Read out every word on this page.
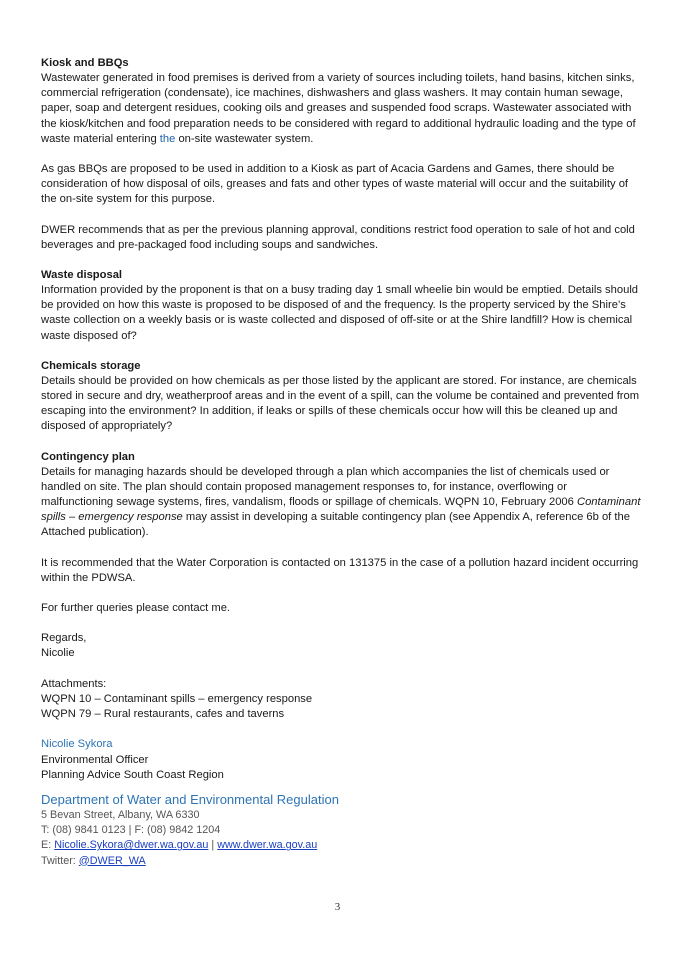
Kiosk and BBQs

Wastewater generated in food premises is derived from a variety of sources including toilets, hand basins, kitchen sinks, commercial refrigeration (condensate), ice machines, dishwashers and glass washers. It may contain human sewage, paper, soap and detergent residues, cooking oils and greases and suspended food scraps. Wastewater associated with the kiosk/kitchen and food preparation needs to be considered with regard to additional hydraulic loading and the type of waste material entering the on-site wastewater system.

As gas BBQs are proposed to be used in addition to a Kiosk as part of Acacia Gardens and Games, there should be consideration of how disposal of oils, greases and fats and other types of waste material will occur and the suitability of the on-site system for this purpose.

DWER recommends that as per the previous planning approval, conditions restrict food operation to sale of hot and cold beverages and pre-packaged food including soups and sandwiches.

Waste disposal

Information provided by the proponent is that on a busy trading day 1 small wheelie bin would be emptied. Details should be provided on how this waste is proposed to be disposed of and the frequency. Is the property serviced by the Shire’s waste collection on a weekly basis or is waste collected and disposed of off-site or at the Shire landfill? How is chemical waste disposed of?

Chemicals storage

Details should be provided on how chemicals as per those listed by the applicant are stored. For instance, are chemicals stored in secure and dry, weatherproof areas and in the event of a spill, can the volume be contained and prevented from escaping into the environment? In addition, if leaks or spills of these chemicals occur how will this be cleaned up and disposed of appropriately?

Contingency plan

Details for managing hazards should be developed through a plan which accompanies the list of chemicals used or handled on site. The plan should contain proposed management responses to, for instance, overflowing or malfunctioning sewage systems, fires, vandalism, floods or spillage of chemicals. WQPN 10, February 2006 Contaminant spills – emergency response may assist in developing a suitable contingency plan (see Appendix A, reference 6b of the Attached publication).

It is recommended that the Water Corporation is contacted on 131375 in the case of a pollution hazard incident occurring within the PDWSA.

For further queries please contact me.

Regards,

Nicolie

Attachments:

WQPN 10 – Contaminant spills – emergency response

WQPN 79 – Rural restaurants, cafes and taverns

Nicolie Sykora

Environmental Officer

Planning Advice South Coast Region

Department of Water and Environmental Regulation

5 Bevan Street, Albany, WA 6330

T: (08) 9841 0123 | F: (08) 9842 1204

E: Nicolie.Sykora@dwer.wa.gov.au | www.dwer.wa.gov.au

Twitter: @DWER_WA

3
